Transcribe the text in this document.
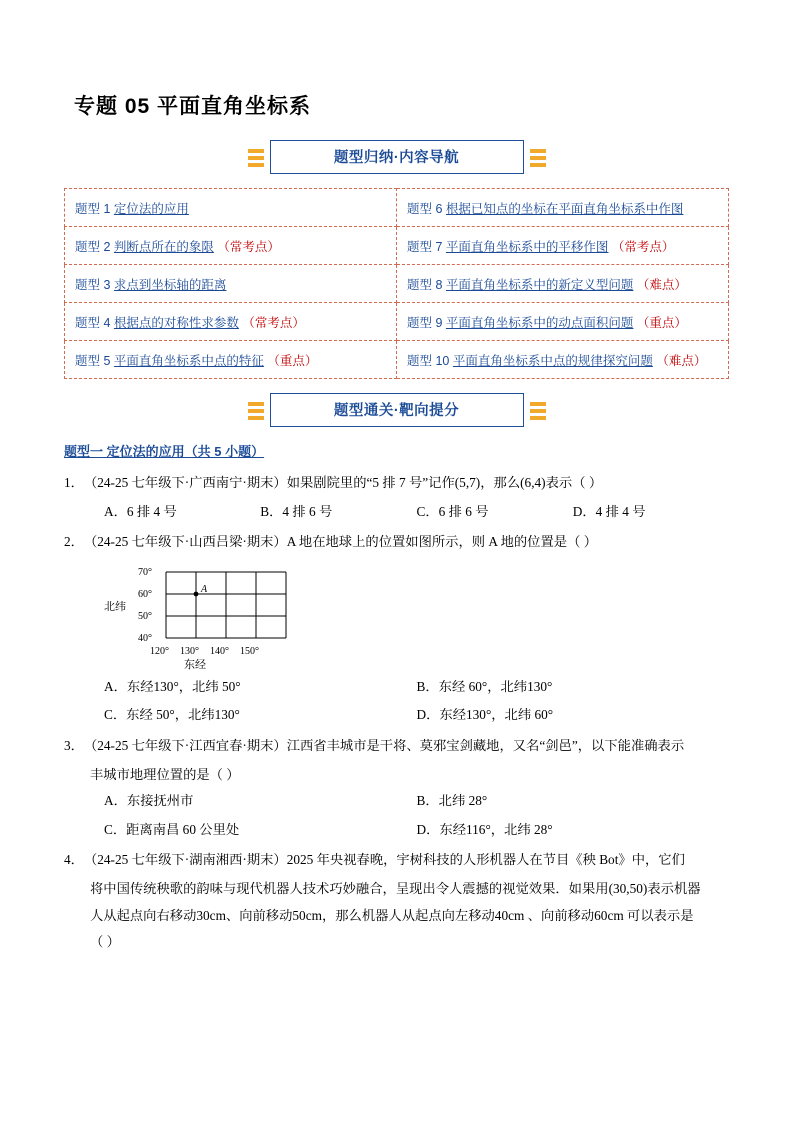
专题 05 平面直角坐标系
题型归纳·内容导航
题型 1 定位法的应用	题型 6 根据已知点的坐标在平面直角坐标系中作图

题型 2 判断点所在的象限 （常考点）	题型 7 平面直角坐标系中的平移作图 （常考点）

题型 3 求点到坐标轴的距离	题型 8 平面直角坐标系中的新定义型问题 （难点）

题型 4 根据点的对称性求参数 （常考点）	题型 9 平面直角坐标系中的动点面积问题 （重点）

题型 5 平面直角坐标系中点的特征 （重点）	题型 10 平面直角坐标系中点的规律探究问题 （难点）
题型通关·靶向提分
题型一 定位法的应用（共 5 小题）
1．（24-25 七年级下·广西南宁·期末）如果剧院里的“5 排 7 号”记作(5,7)，那么(6,4)表示（ ）
A．6 排 4 号	B．4 排 6 号	C．6 排 6 号	D．4 排 4 号
2．（24-25 七年级下·山西吕梁·期末）A 地在地球上的位置如图所示，则 A 地的位置是（ ）
A
70°
60°
50°
40°
北纬
120° 130° 140° 150°
东经
A．东经130°，北纬 50°	B．东经 60°，北纬130°
C．东经 50°，北纬130°	D．东经130°，北纬 60°
3．（24-25 七年级下·江西宜春·期末）江西省丰城市是干将、莫邪宝剑藏地，又名“剑邑”，以下能准确表示
丰城市地理位置的是（ ）
A．东接抚州市	B．北纬 28°
C．距离南昌 60 公里处	D．东经116°，北纬 28°
4．（24-25 七年级下·湖南湘西·期末）2025 年央视春晚，宇树科技的人形机器人在节目《秧 Bot》中，它们
将中国传统秧歌的韵味与现代机器人技术巧妙融合，呈现出令人震撼的视觉效果．如果用(30,50)表示机器
人从起点向右移动30cm、向前移动50cm，那么机器人从起点向左移动40cm 、向前移动60cm 可以表示是
（ ）
